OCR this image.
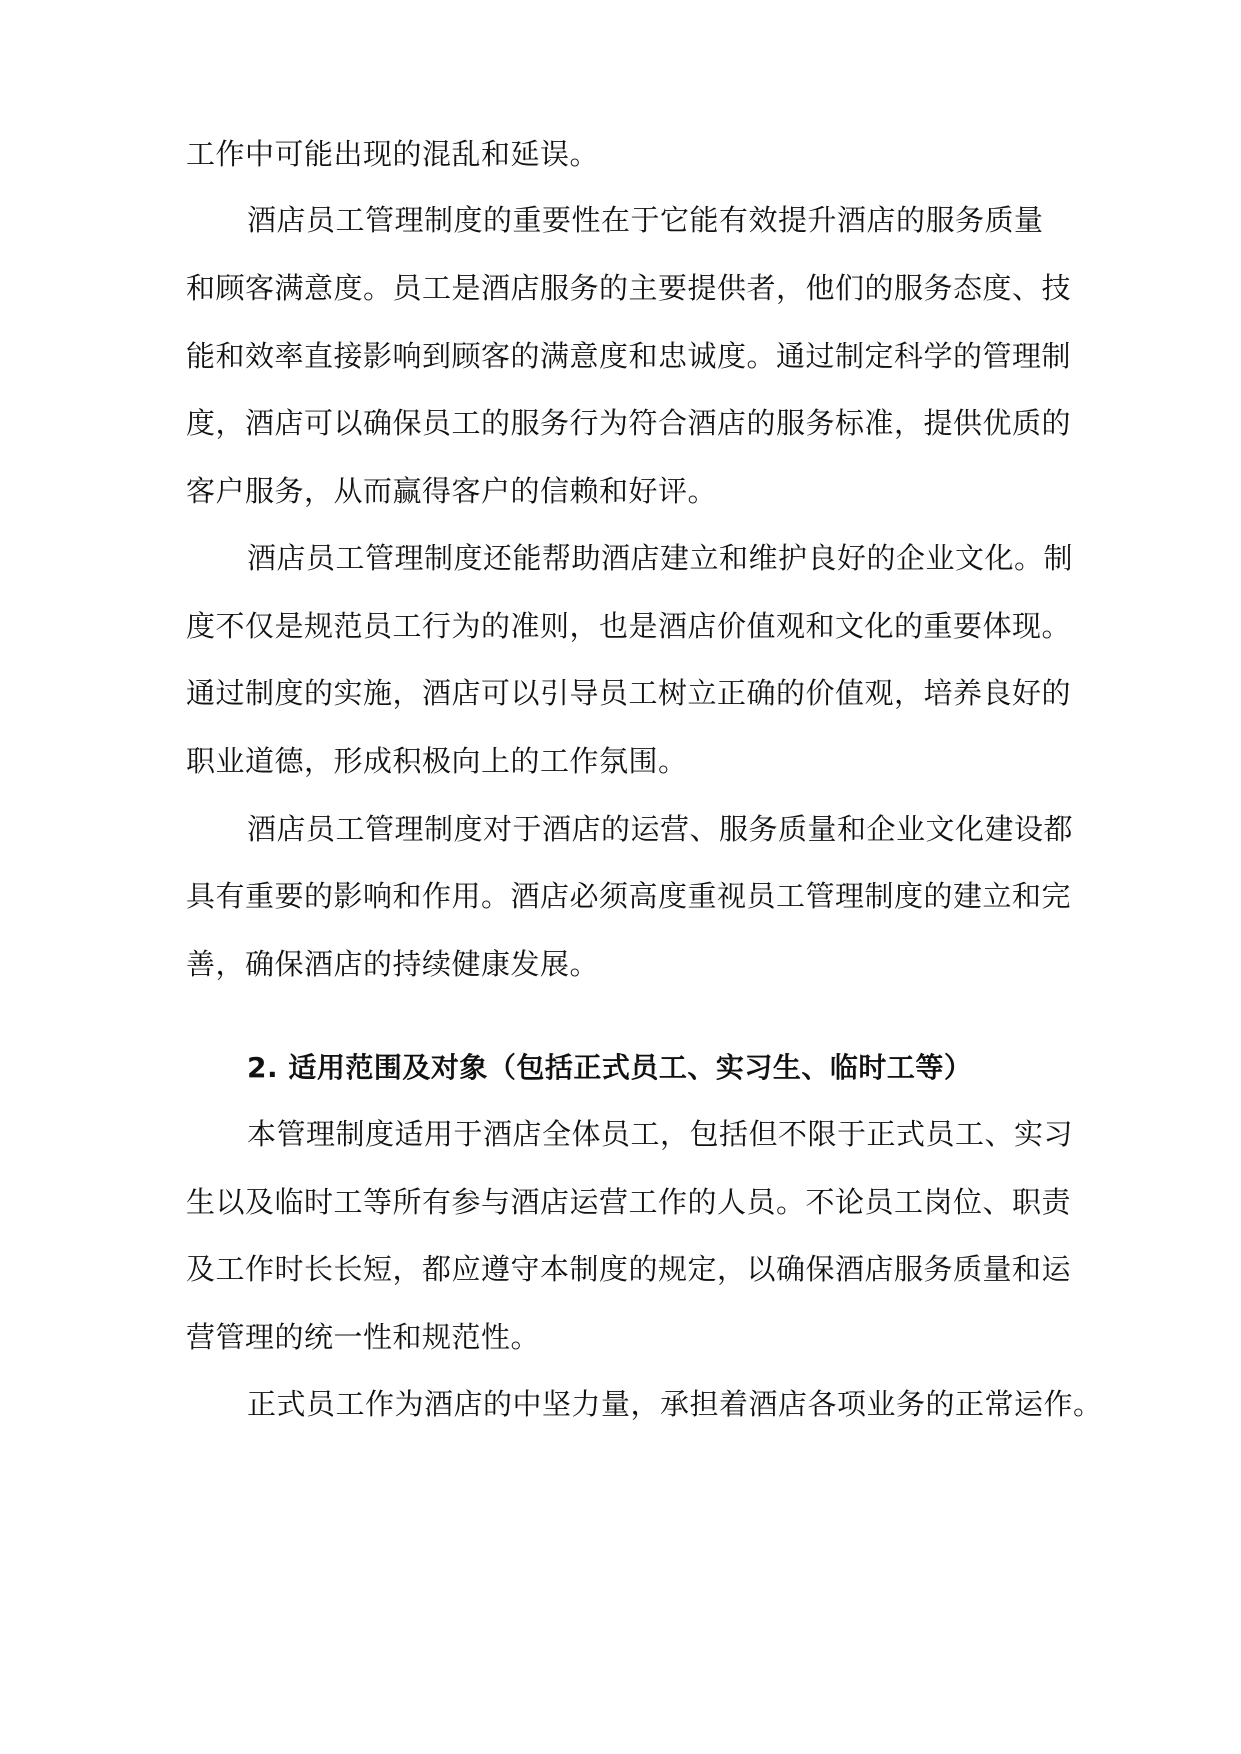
工作中可能出现的混乱和延误。
酒店员工管理制度的重要性在于它能有效提升酒店的服务质量
和顾客满意度。员工是酒店服务的主要提供者，他们的服务态度、技
能和效率直接影响到顾客的满意度和忠诚度。通过制定科学的管理制
度，酒店可以确保员工的服务行为符合酒店的服务标准，提供优质的
客户服务，从而赢得客户的信赖和好评。
酒店员工管理制度还能帮助酒店建立和维护良好的企业文化。制
度不仅是规范员工行为的准则，也是酒店价值观和文化的重要体现。
通过制度的实施，酒店可以引导员工树立正确的价值观，培养良好的
职业道德，形成积极向上的工作氛围。
酒店员工管理制度对于酒店的运营、服务质量和企业文化建设都
具有重要的影响和作用。酒店必须高度重视员工管理制度的建立和完
善，确保酒店的持续健康发展。
2. 适用范围及对象（包括正式员工、实习生、临时工等）
本管理制度适用于酒店全体员工，包括但不限于正式员工、实习
生以及临时工等所有参与酒店运营工作的人员。不论员工岗位、职责
及工作时长长短，都应遵守本制度的规定，以确保酒店服务质量和运
营管理的统一性和规范性。
正式员工作为酒店的中坚力量，承担着酒店各项业务的正常运作。
